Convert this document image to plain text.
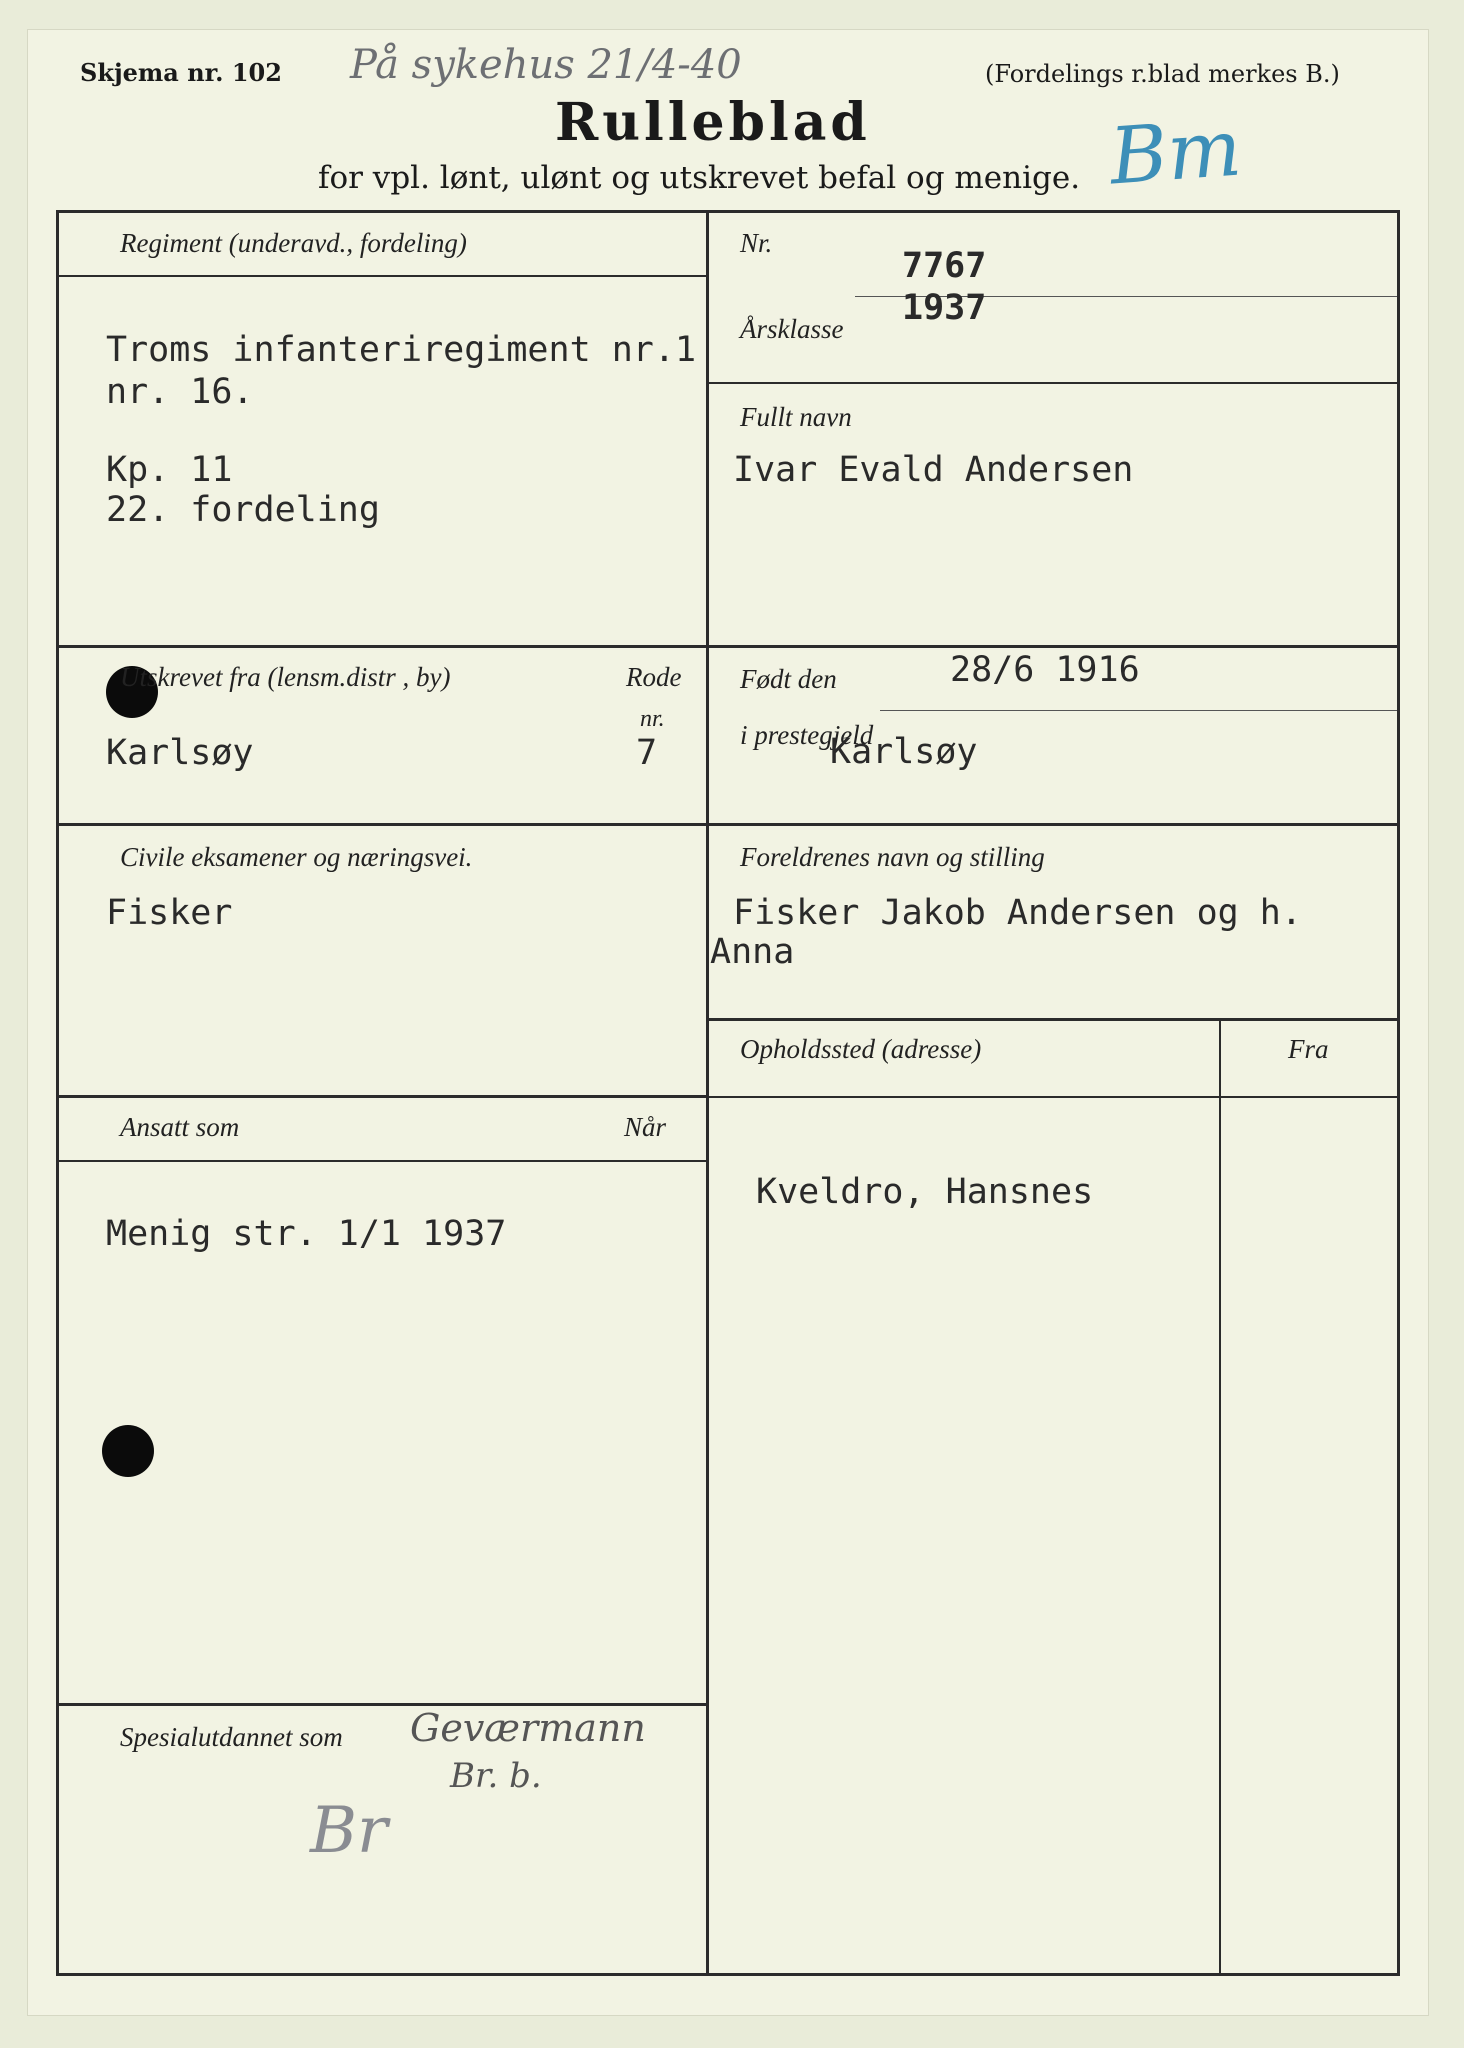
Skjema nr. 102 På sykehus 21/4-40	(Fordelings r.blad merkes B.)
Rulleblad
for vpl. lønt, ulønt og utskrevet befal og menige. Bm
Regiment (underavd., fordeling)
Troms infanteriregiment nr.1
nr. 16.
Kp. 11
22. fordeling
Nr.
7767
Årsklasse
1937
Fullt navn
Ivar Evald Andersen
Utskrevet fra (lensm.distr , by)	Rode
nr.
Karlsøy	7
Født den	28/6 1916
i prestegjeld
Karlsøy
Civile eksamener og næringsvei.
Fisker
Foreldrenes navn og stilling
Fisker Jakob Andersen og h.
Anna
Opholdssted (adresse)	Fra
Kveldro, Hansnes
Ansatt som	Når
Menig str. 1/1 1937
Spesialutdannet som Geværmann
Br. b.
Br
